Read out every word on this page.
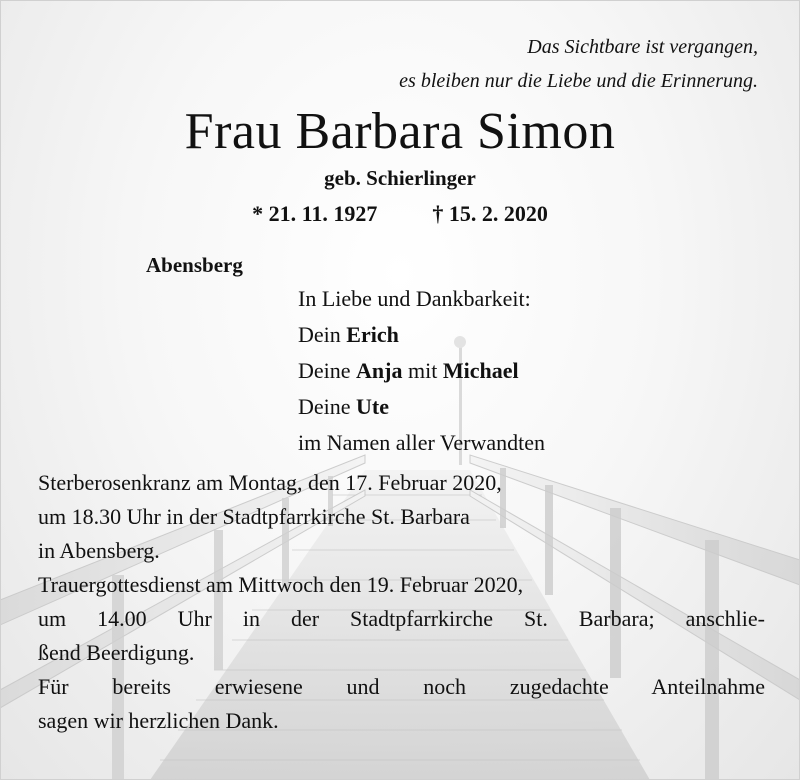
Das Sichtbare ist vergangen,
es bleiben nur die Liebe und die Erinnerung.
Frau Barbara Simon
geb. Schierlinger
* 21. 11. 1927	† 15. 2. 2020
Abensberg
In Liebe und Dankbarkeit:
Dein Erich
Deine Anja mit Michael
Deine Ute
im Namen aller Verwandten
Sterberosenkranz am Montag, den 17. Februar 2020,
um 18.30 Uhr in der Stadtpfarrkirche St. Barbara
in Abensberg.
Trauergottesdienst am Mittwoch den 19. Februar 2020,
um 14.00 Uhr in der Stadtpfarrkirche St. Barbara; anschlie-
ßend Beerdigung.
Für bereits erwiesene und noch zugedachte Anteilnahme
sagen wir herzlichen Dank.
